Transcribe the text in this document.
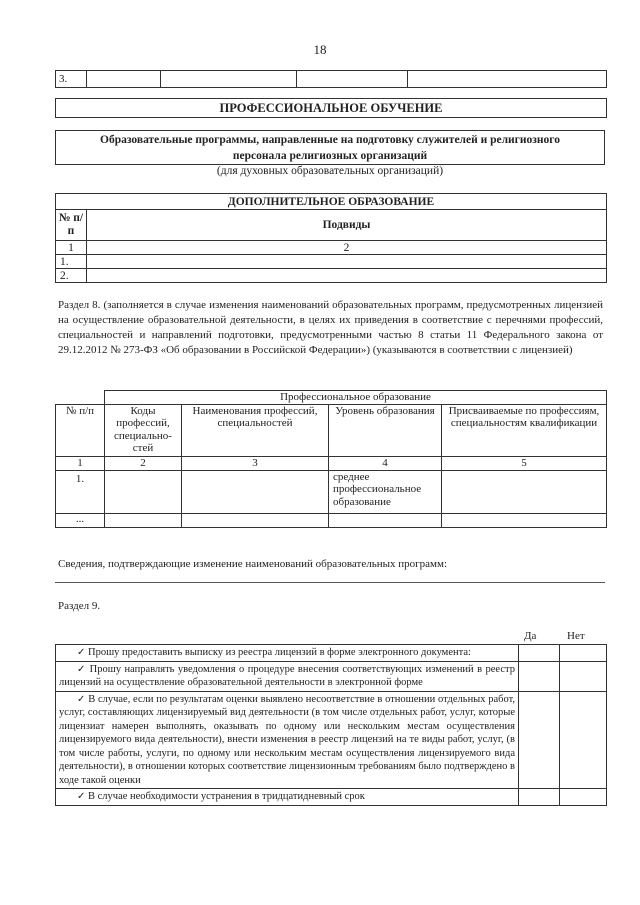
18
3.				
ПРОФЕССИОНАЛЬНОЕ ОБУЧЕНИЕ
Образовательные программы, направленные на подготовку служителей и религиозного
персонала религиозных организаций
(для духовных образовательных организаций)
ДОПОЛНИТЕЛЬНОЕ ОБРАЗОВАНИЕ	
№ п/п	Подвиды
1	2
1.	
2.	
Раздел 8. (заполняется в случае изменения наименований образовательных программ, предусмотренных лицензией на осуществление образовательной деятельности, в целях их приведения в соответствие с перечнями профессий, специальностей и направлений подготовки, предусмотренными частью 8 статьи 11 Федерального закона от 29.12.2012 № 273-ФЗ «Об образовании в Российской Федерации») (указываются в соответствии с лицензией)
	Профессиональное образование			
№ п/п	Коды профессий, специально-стей	Наименования профессий, специальностей	Уровень образования	Присваиваемые по профессиям, специальностям квалификации
1	2	3	4	5
1.			среднее профессиональное образование	
...				
Сведения, подтверждающие изменение наименований образовательных программ:
Раздел 9.
Да	Нет
✓ Прошу предоставить выписку из реестра лицензий в форме электронного документа:		
✓ Прошу направлять уведомления о процедуре внесения соответствующих изменений в реестр лицензий на осуществление образовательной деятельности в электронной форме		
✓ В случае, если по результатам оценки выявлено несоответствие в отношении отдельных работ, услуг, составляющих лицензируемый вид деятельности (в том числе отдельных работ, услуг, которые лицензиат намерен выполнять, оказывать по одному или нескольким местам осуществления лицензируемого вида деятельности), внести изменения в реестр лицензий на те виды работ, услуг, (в том числе работы, услуги, по одному или нескольким местам осуществления лицензируемого вида деятельности), в отношении которых соответствие лицензионным требованиям было подтверждено в ходе такой оценки		
✓ В случае необходимости устранения в тридцатидневный срок		
